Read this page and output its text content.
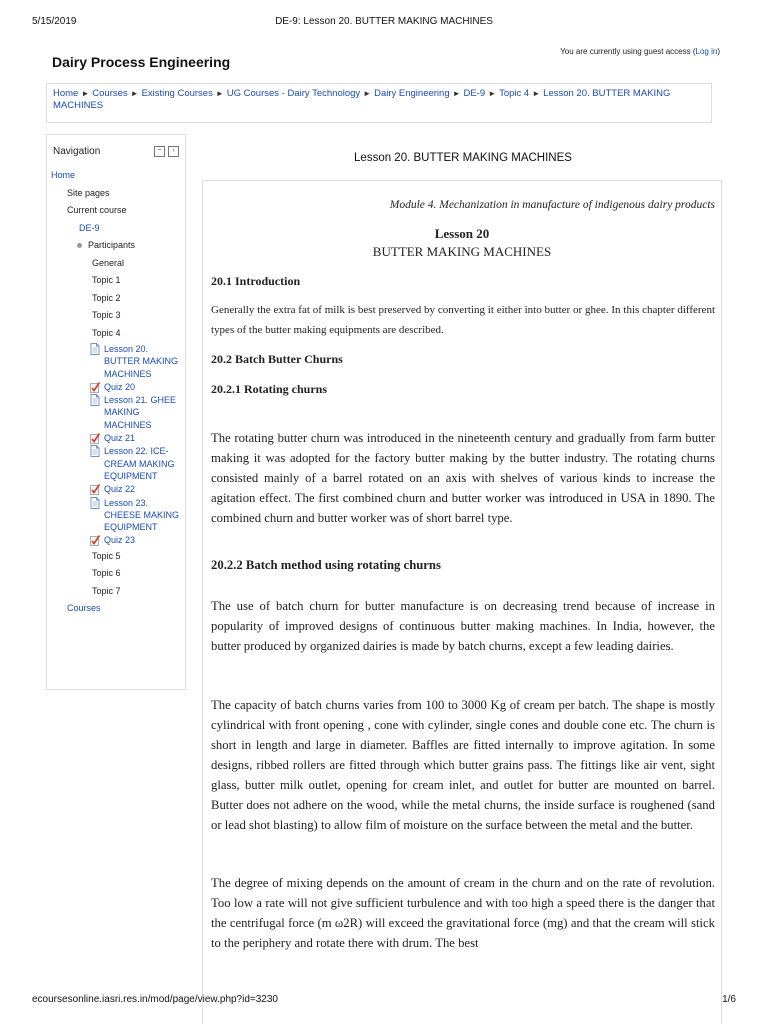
5/15/2019	DE-9: Lesson 20. BUTTER MAKING MACHINES
Dairy Process Engineering
You are currently using guest access (Log in)
Home ► Courses ► Existing Courses ► UG Courses - Dairy Technology ► Dairy Engineering ► DE-9 ► Topic 4 ► Lesson 20. BUTTER MAKING MACHINES
Navigation	−	‹
Home
Site pages
Current course
DE-9
Participants
General
Topic 1
Topic 2
Topic 3
Topic 4
Lesson 20. BUTTER MAKING MACHINES
Quiz 20
Lesson 21. GHEE MAKING MACHINES
Quiz 21
Lesson 22. ICE-CREAM MAKING EQUIPMENT
Quiz 22
Lesson 23. CHEESE MAKING EQUIPMENT
Quiz 23
Topic 5
Topic 6
Topic 7
Courses
Lesson 20. BUTTER MAKING MACHINES
Module 4. Mechanization in manufacture of indigenous dairy products
Lesson 20
BUTTER MAKING MACHINES
20.1 Introduction
Generally the extra fat of milk is best preserved by converting it either into butter or ghee. In this chapter different types of the butter making equipments are described.
20.2 Batch Butter Churns
20.2.1 Rotating churns
The rotating butter churn was introduced in the nineteenth century and gradually from farm butter making it was adopted for the factory butter making by the butter industry. The rotating churns consisted mainly of a barrel rotated on an axis with shelves of various kinds to increase the agitation effect. The first combined churn and butter worker was introduced in USA in 1890. The combined churn and butter worker was of short barrel type.
20.2.2 Batch method using rotating churns
The use of batch churn for butter manufacture is on decreasing trend because of increase in popularity of improved designs of continuous butter making machines. In India, however, the butter produced by organized dairies is made by batch churns, except a few leading dairies.
The capacity of batch churns varies from 100 to 3000 Kg of cream per batch. The shape is mostly cylindrical with front opening , cone with cylinder, single cones and double cone etc. The churn is short in length and large in diameter. Baffles are fitted internally to improve agitation. In some designs, ribbed rollers are fitted through which butter grains pass. The fittings like air vent, sight glass, butter milk outlet, opening for cream inlet, and outlet for butter are mounted on barrel. Butter does not adhere on the wood, while the metal churns, the inside surface is roughened (sand or lead shot blasting) to allow film of moisture on the surface between the metal and the butter.
The degree of mixing depends on the amount of cream in the churn and on the rate of revolution. Too low a rate will not give sufficient turbulence and with too high a speed there is the danger that the centrifugal force (m ω2R) will exceed the gravitational force (mg) and that the cream will stick to the periphery and rotate there with drum. The best
ecoursesonline.iasri.res.in/mod/page/view.php?id=3230	1/6
